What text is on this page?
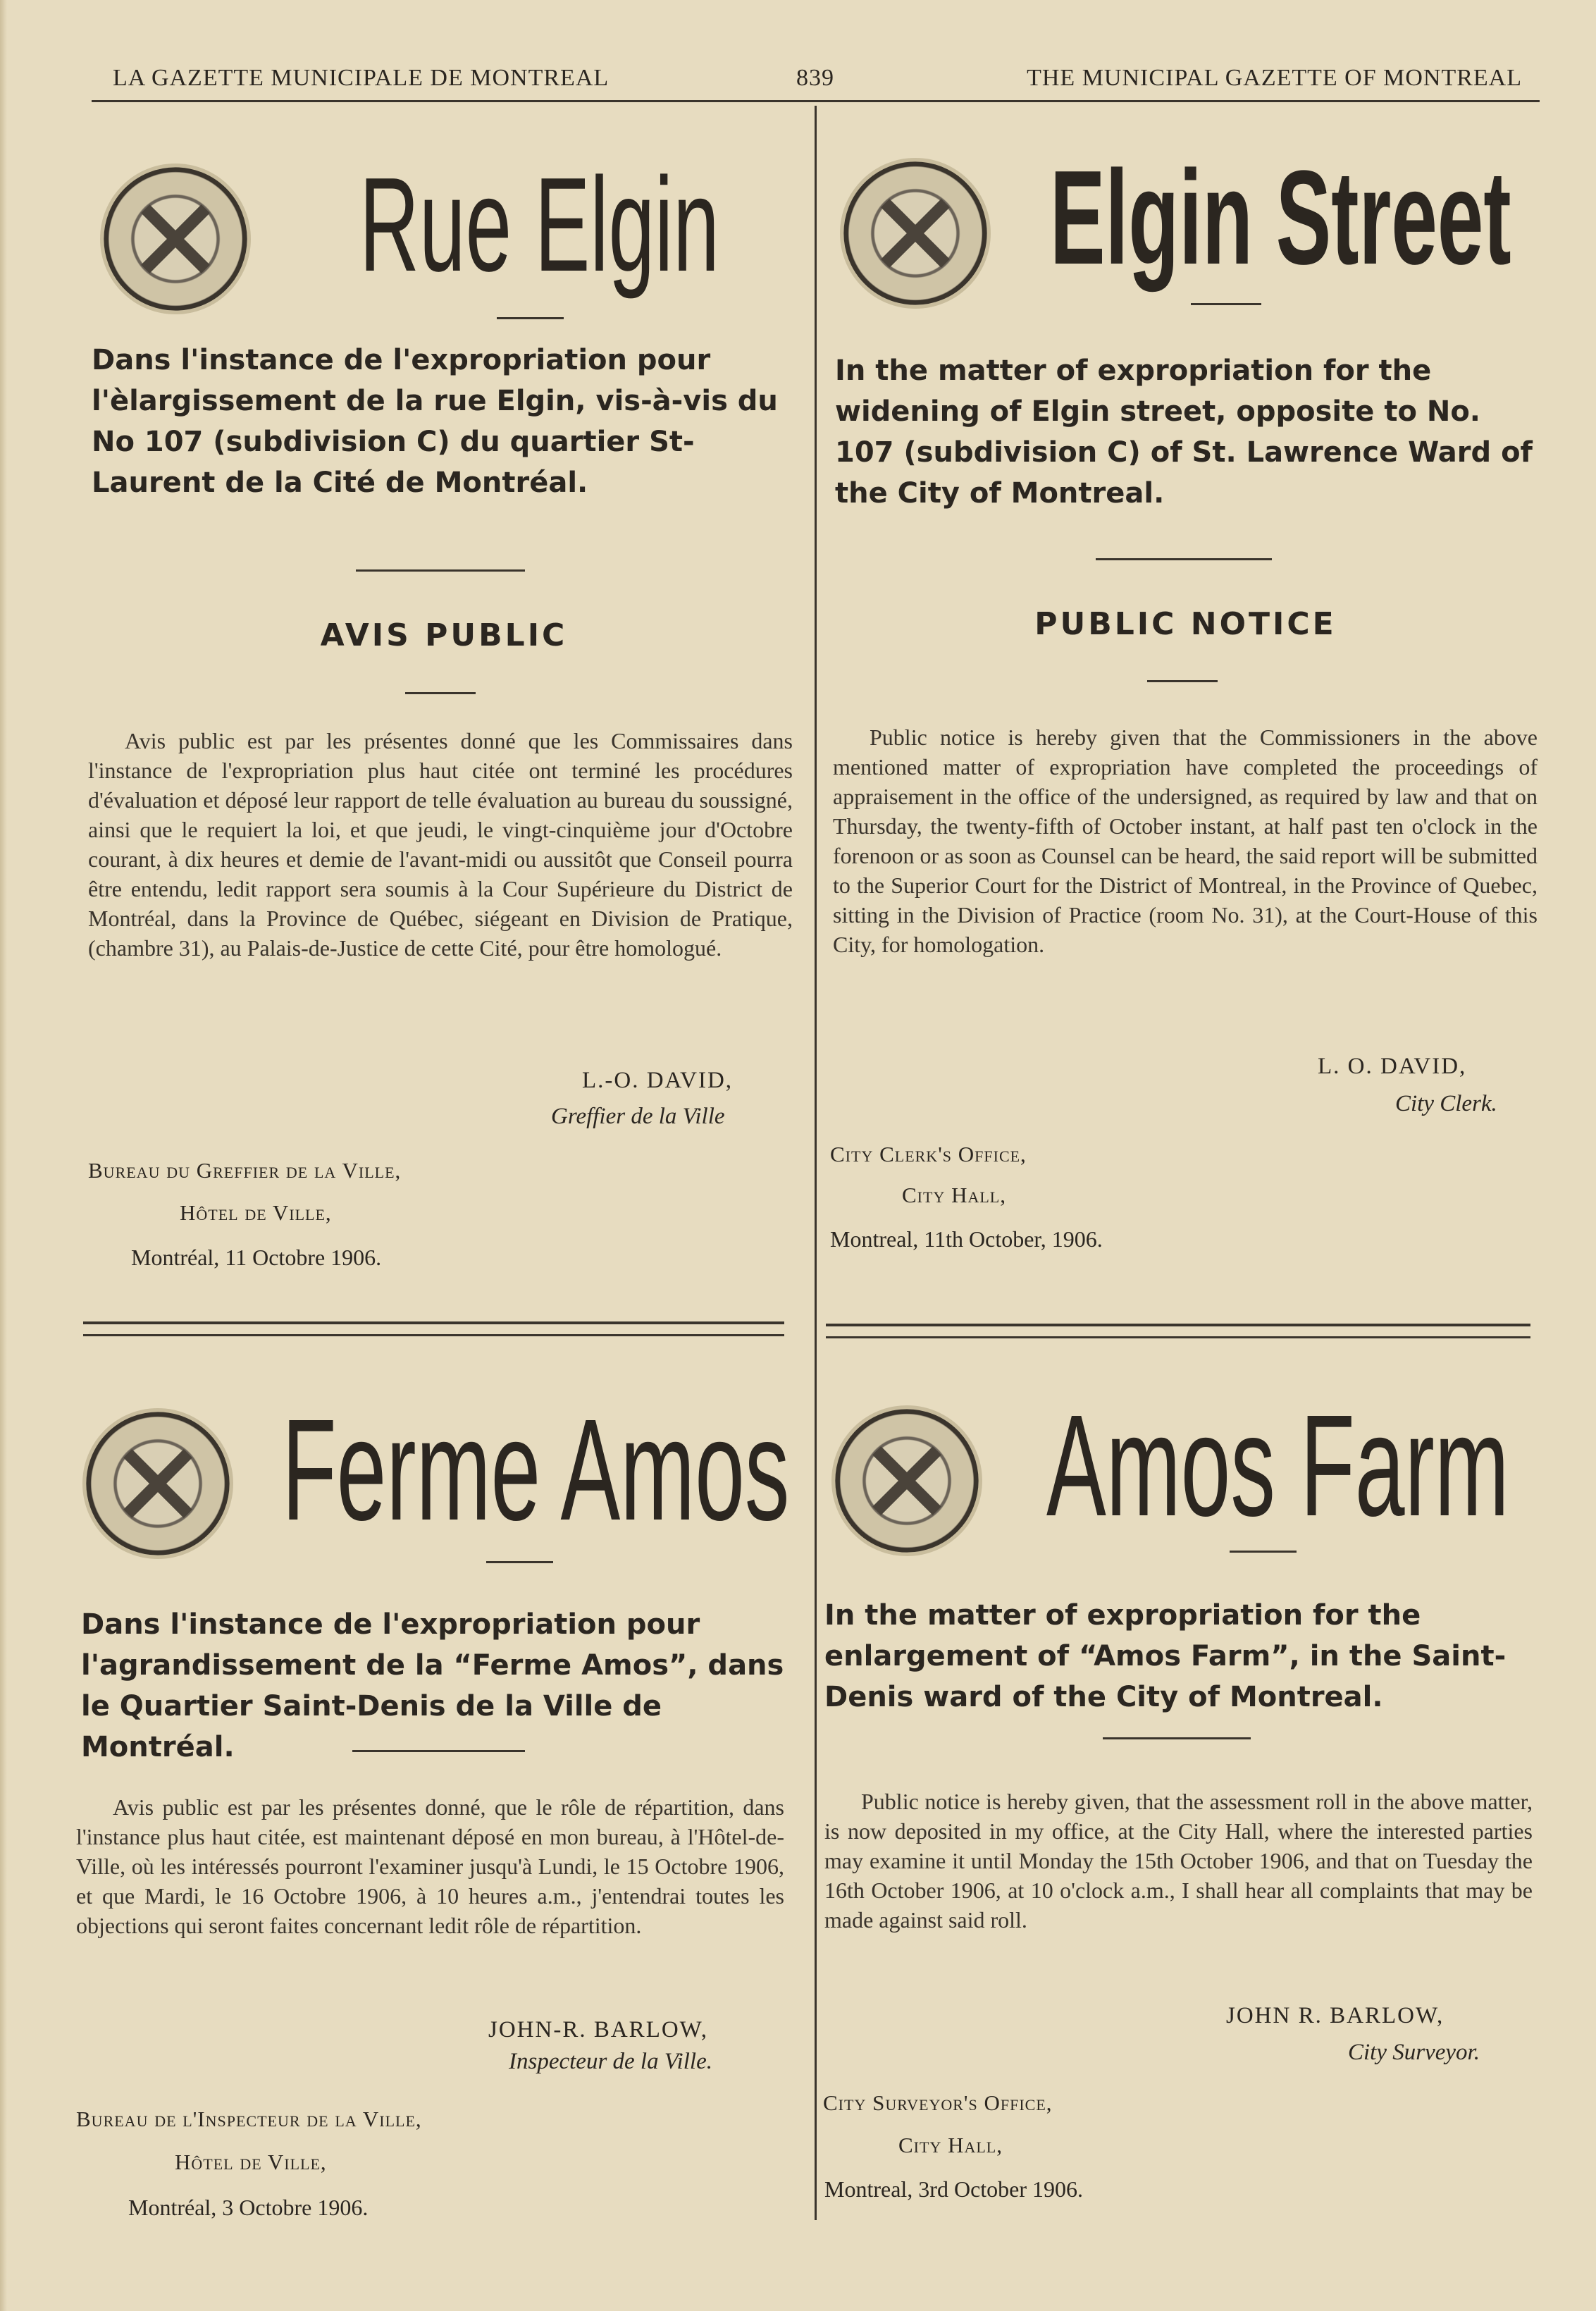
LA GAZETTE MUNICIPALE DE MONTREAL	839	THE MUNICIPAL GAZETTE OF MONTREAL
Rue Elgin

Dans l'instance de l'expropriation pour l'èlargissement de la rue Elgin, vis-à-vis du No 107 (subdivision C) du quartier St-Laurent de la Cité de Montréal.

AVIS PUBLIC

Avis public est par les présentes donné que les Commissaires dans l'instance de l'expropriation plus haut citée ont terminé les procédures d'évaluation et déposé leur rapport de telle évaluation au bureau du soussigné, ainsi que le requiert la loi, et que jeudi, le vingt-cinquième jour d'Octobre courant, à dix heures et demie de l'avant-midi ou aussitôt que Conseil pourra être entendu, ledit rapport sera soumis à la Cour Supérieure du District de Montréal, dans la Province de Québec, siégeant en Division de Pratique, (chambre 31), au Palais-de-Justice de cette Cité, pour être homologué.

L.-O. DAVID,
Greffier de la Ville
Bureau du Greffier de la Ville,
Hôtel de Ville,
Montréal, 11 Octobre 1906.
Elgin Street

In the matter of expropriation for the widening of Elgin street, opposite to No. 107 (subdivision C) of St. Lawrence Ward of the City of Montreal.

PUBLIC NOTICE

Public notice is hereby given that the Commissioners in the above mentioned matter of expropriation have completed the proceedings of appraisement in the office of the undersigned, as required by law and that on Thursday, the twenty-fifth of October instant, at half past ten o'clock in the forenoon or as soon as Counsel can be heard, the said report will be submitted to the Superior Court for the District of Montreal, in the Province of Quebec, sitting in the Division of Practice (room No. 31), at the Court-House of this City, for homologation.

L. O. DAVID,
City Clerk.
City Clerk's Office,
City Hall,
Montreal, 11th October, 1906.
Ferme Amos

Dans l'instance de l'expropriation pour l'agrandissement de la “Ferme Amos”, dans le Quartier Saint-Denis de la Ville de Montréal.

Avis public est par les présentes donné, que le rôle de répartition, dans l'instance plus haut citée, est maintenant déposé en mon bureau, à l'Hôtel-de-Ville, où les intéressés pourront l'examiner jusqu'à Lundi, le 15 Octobre 1906, et que Mardi, le 16 Octobre 1906, à 10 heures a.m., j'entendrai toutes les objections qui seront faites concernant ledit rôle de répartition.

JOHN-R. BARLOW,
Inspecteur de la Ville.
Bureau de l'Inspecteur de la Ville,
Hôtel de Ville,
Montréal, 3 Octobre 1906.
Amos Farm

In the matter of expropriation for the enlargement of “Amos Farm”, in the Saint-Denis ward of the City of Montreal.

Public notice is hereby given, that the assessment roll in the above matter, is now deposited in my office, at the City Hall, where the interested parties may examine it until Monday the 15th October 1906, and that on Tuesday the 16th October 1906, at 10 o'clock a.m., I shall hear all complaints that may be made against said roll.

JOHN R. BARLOW,
City Surveyor.
City Surveyor's Office,
City Hall,
Montreal, 3rd October 1906.
